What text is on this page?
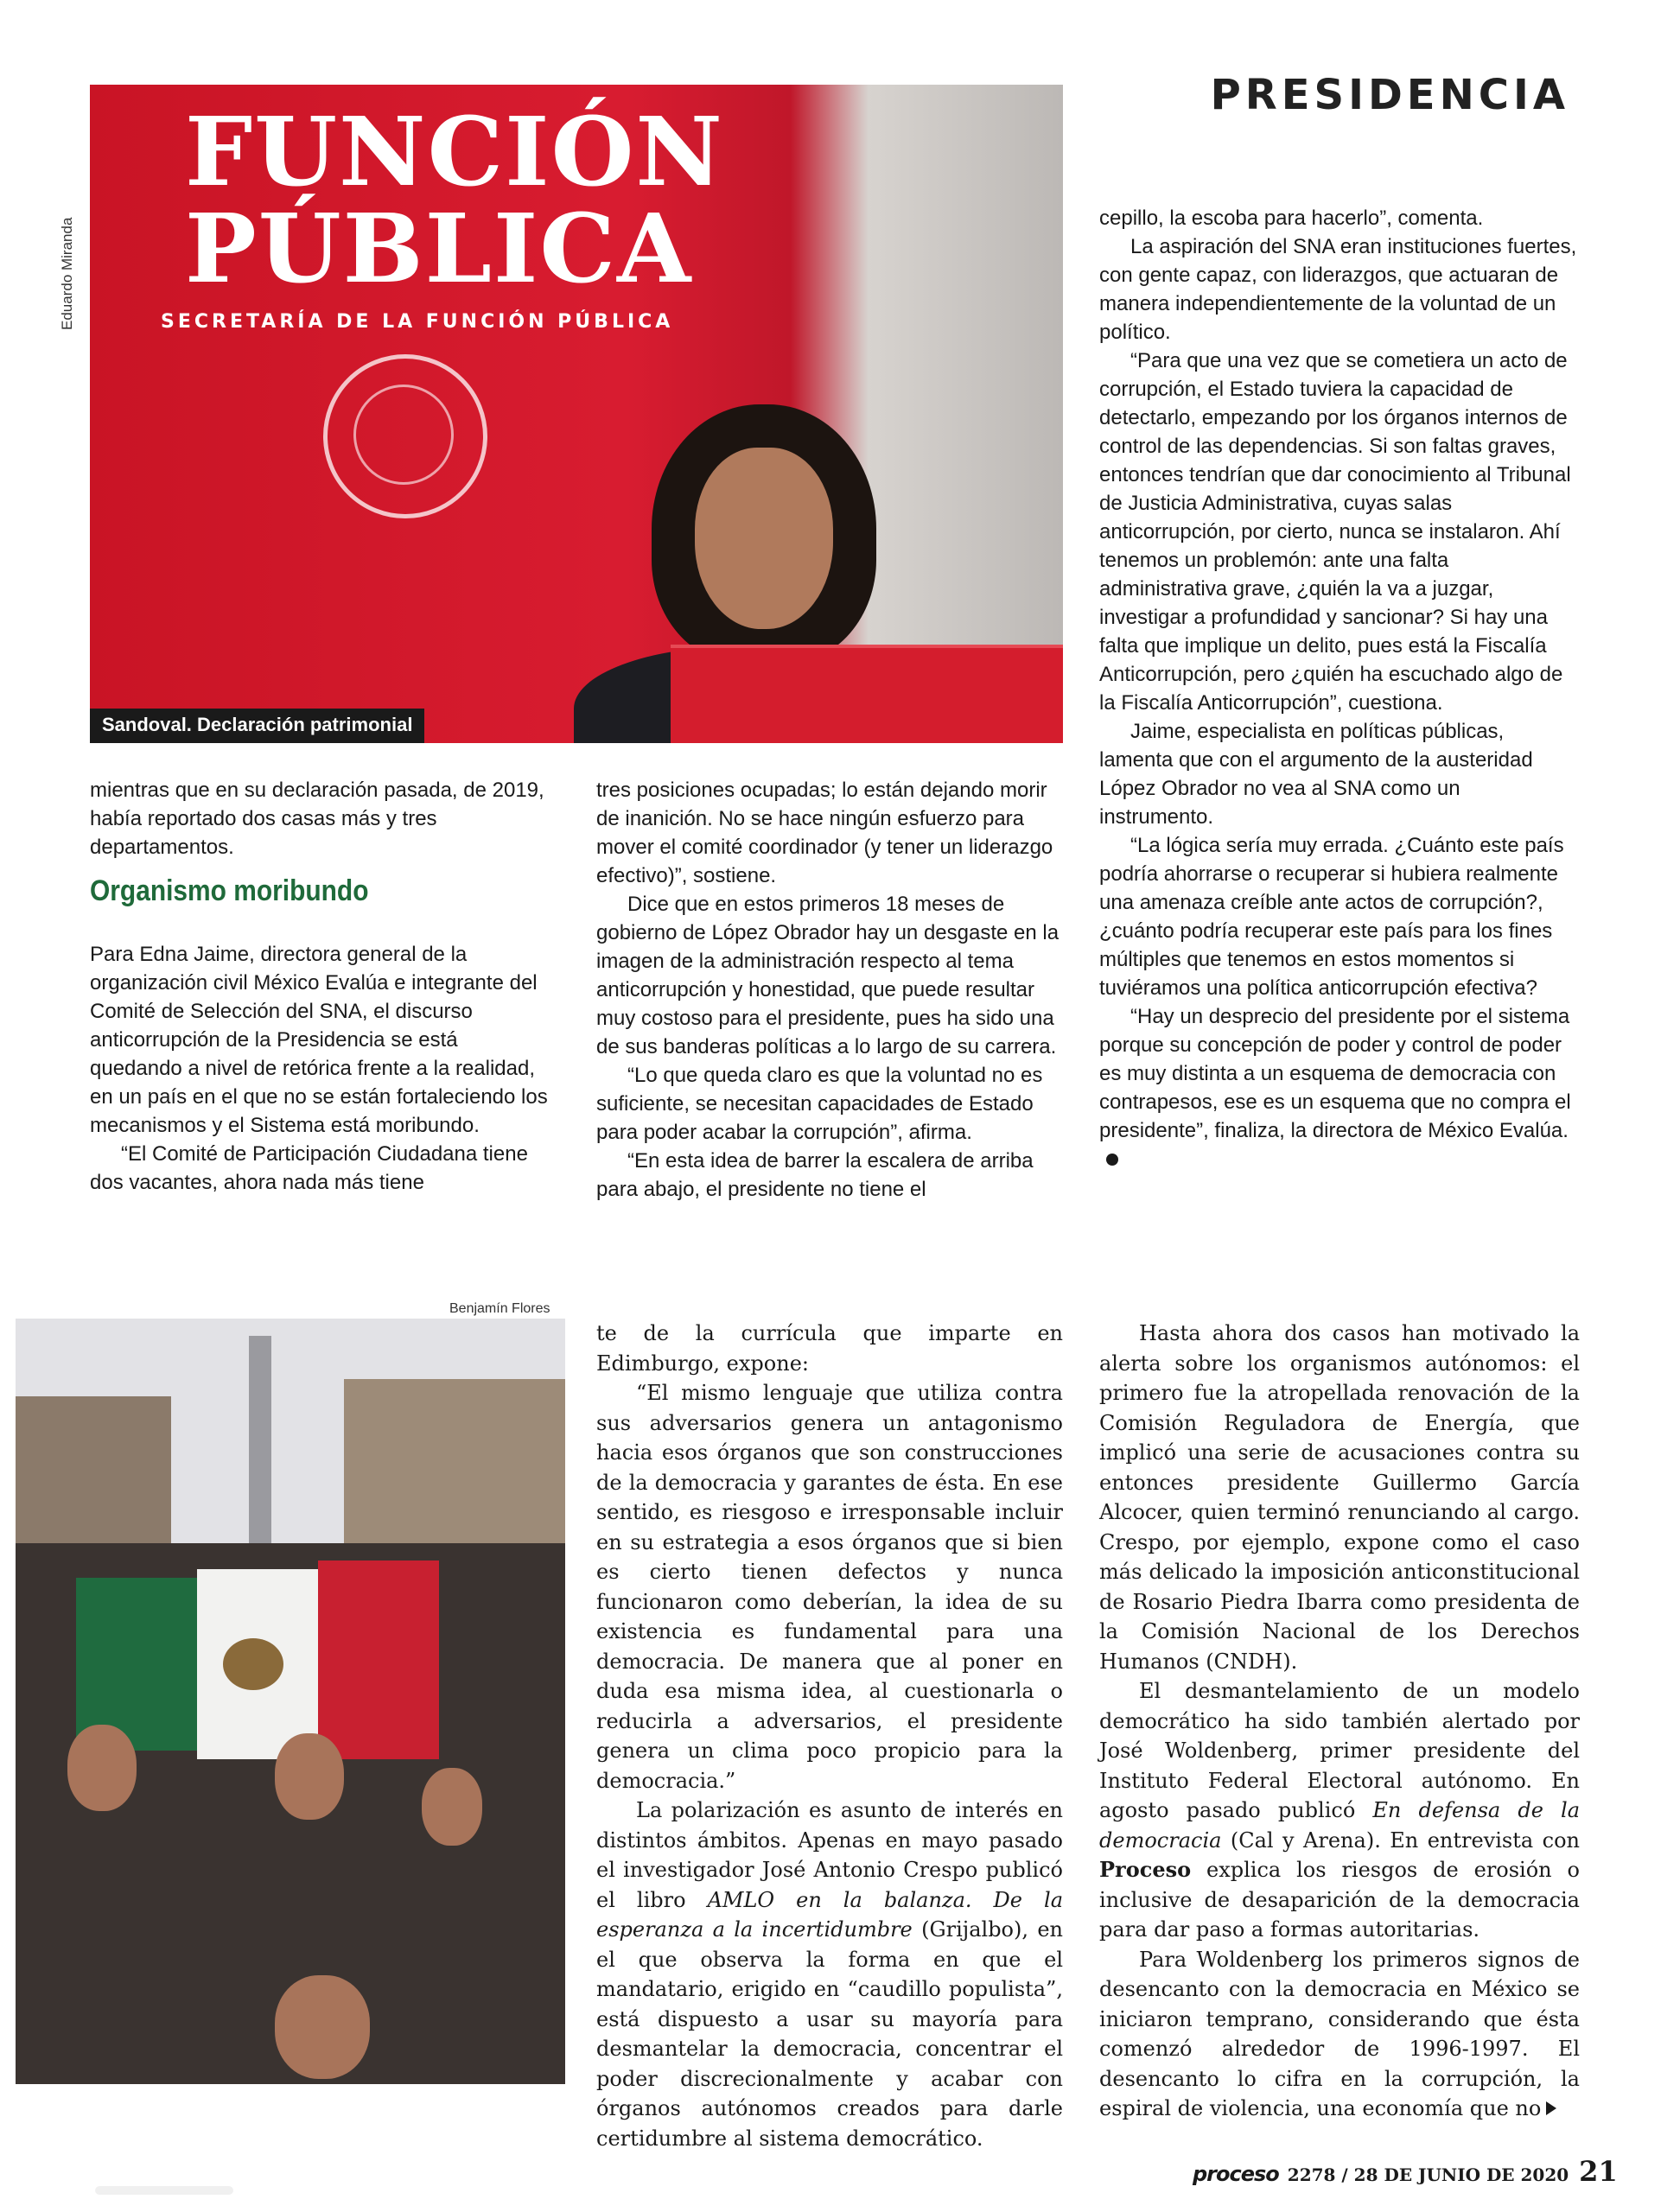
PRESIDENCIA
Eduardo Miranda
FUNCIÓN
PÚBLICA
SECRETARÍA DE LA FUNCIÓN PÚBLICA
Sandoval. Declaración patrimonial

mientras que en su declaración pasada, de 2019, había reportado dos casas más y tres departamentos.

Organismo moribundo

Para Edna Jaime, directora general de la organización civil México Evalúa e integrante del Comité de Selección del SNA, el discurso anticorrupción de la Presidencia se está quedando a nivel de retórica frente a la realidad, en un país en el que no se están fortaleciendo los mecanismos y el Sistema está moribundo.

“El Comité de Participación Ciudadana tiene dos vacantes, ahora nada más tiene

tres posiciones ocupadas; lo están dejando morir de inanición. No se hace ningún esfuerzo para mover el comité coordinador (y tener un liderazgo efectivo)”, sostiene.

Dice que en estos primeros 18 meses de gobierno de López Obrador hay un desgaste en la imagen de la administración respecto al tema anticorrupción y honestidad, que puede resultar muy costoso para el presidente, pues ha sido una de sus banderas políticas a lo largo de su carrera.

“Lo que queda claro es que la voluntad no es suficiente, se necesitan capacidades de Estado para poder acabar la corrupción”, afirma.

“En esta idea de barrer la escalera de arriba para abajo, el presidente no tiene el

cepillo, la escoba para hacerlo”, comenta.

La aspiración del SNA eran instituciones fuertes, con gente capaz, con liderazgos, que actuaran de manera independientemente de la voluntad de un político.

“Para que una vez que se cometiera un acto de corrupción, el Estado tuviera la capacidad de detectarlo, empezando por los órganos internos de control de las dependencias. Si son faltas graves, entonces tendrían que dar conocimiento al Tribunal de Justicia Administrativa, cuyas salas anticorrupción, por cierto, nunca se instalaron. Ahí tenemos un problemón: ante una falta administrativa grave, ¿quién la va a juzgar, investigar a profundidad y sancionar? Si hay una falta que implique un delito, pues está la Fiscalía Anticorrupción, pero ¿quién ha escuchado algo de la Fiscalía Anticorrupción”, cuestiona.

Jaime, especialista en políticas públicas, lamenta que con el argumento de la austeridad López Obrador no vea al SNA como un instrumento.

“La lógica sería muy errada. ¿Cuánto este país podría ahorrarse o recuperar si hubiera realmente una amenaza creíble ante actos de corrupción?, ¿cuánto podría recuperar este país para los fines múltiples que tenemos en estos momentos si tuviéramos una política anticorrupción efectiva?

“Hay un desprecio del presidente por el sistema porque su concepción de poder y control de poder es muy distinta a un esquema de democracia con contrapesos, ese es un esquema que no compra el presidente”, finaliza, la directora de México Evalúa.

Benjamín Flores

te de la currícula que imparte en Edimburgo, expone:

“El mismo lenguaje que utiliza contra sus adversarios genera un antagonismo hacia esos órganos que son construcciones de la democracia y garantes de ésta. En ese sentido, es riesgoso e irresponsable incluir en su estrategia a esos órganos que si bien es cierto tienen defectos y nunca funcionaron como deberían, la idea de su existencia es fundamental para una democracia. De manera que al poner en duda esa misma idea, al cuestionarla o reducirla a adversarios, el presidente genera un clima poco propicio para la democracia.”

La polarización es asunto de interés en distintos ámbitos. Apenas en mayo pasado el investigador José Antonio Crespo publicó el libro AMLO en la balanza. De la esperanza a la incertidumbre (Grijalbo), en el que observa la forma en que el mandatario, erigido en “caudillo populista”, está dispuesto a usar su mayoría para desmantelar la democracia, concentrar el poder discrecionalmente y acabar con órganos autónomos creados para darle certidumbre al sistema democrático.

Hasta ahora dos casos han motivado la alerta sobre los organismos autónomos: el primero fue la atropellada renovación de la Comisión Reguladora de Energía, que implicó una serie de acusaciones contra su entonces presidente Guillermo García Alcocer, quien terminó renunciando al cargo. Crespo, por ejemplo, expone como el caso más delicado la imposición anticonstitucional de Rosario Piedra Ibarra como presidenta de la Comisión Nacional de los Derechos Humanos (CNDH).

El desmantelamiento de un modelo democrático ha sido también alertado por José Woldenberg, primer presidente del Instituto Federal Electoral autónomo. En agosto pasado publicó En defensa de la democracia (Cal y Arena). En entrevista con Proceso explica los riesgos de erosión o inclusive de desaparición de la democracia para dar paso a formas autoritarias.

Para Woldenberg los primeros signos de desencanto con la democracia en México se iniciaron temprano, considerando que ésta comenzó alrededor de 1996-1997. El desencanto lo cifra en la corrupción, la espiral de violencia, una economía que no

proceso 2278 / 28 DE JUNIO DE 2020 21
